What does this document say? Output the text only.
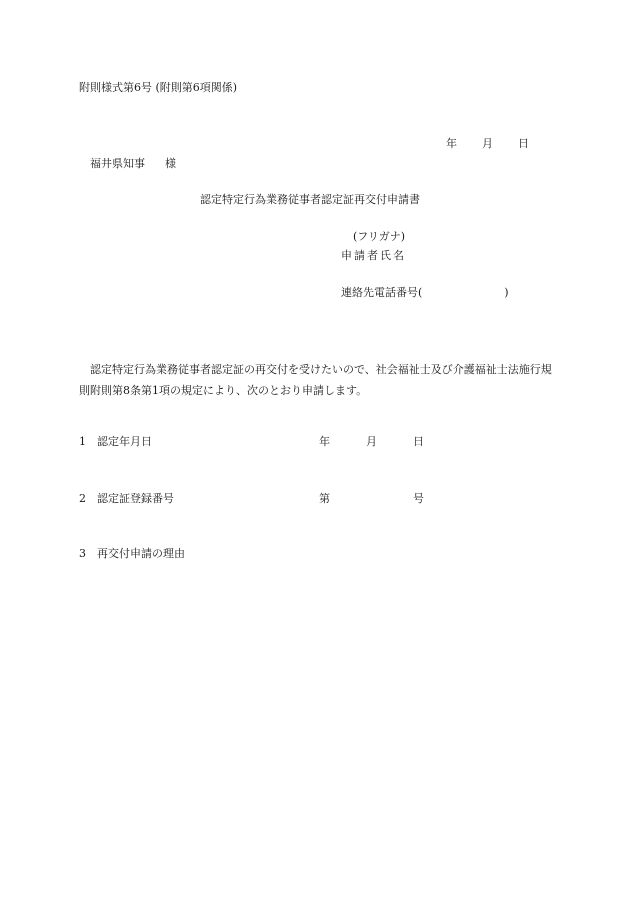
附則様式第6号 (附則第6項関係)
年 月 日
福井県知事 様
認定特定行為業務従事者認定証再交付申請書
(フリガナ)
申請者氏名
連絡先電話番号(	)
認定特定行為業務従事者認定証の再交付を受けたいので、社会福祉士及び介護福祉士法施行規則附則第8条第1項の規定により、次のとおり申請します。
1 認定年月日	年	月	日
2 認定証登録番号	第	号
3 再交付申請の理由
